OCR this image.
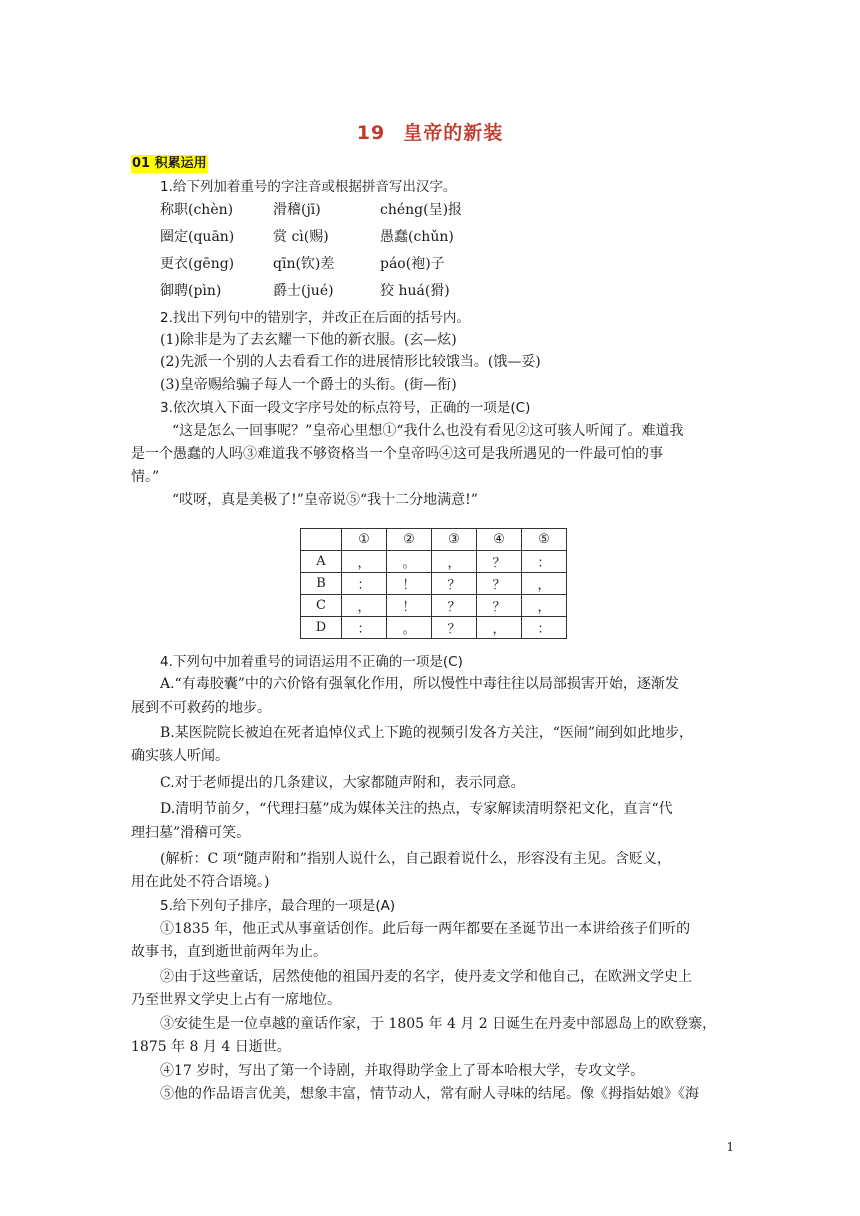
19 皇帝的新装
01 积累运用
1.给下列加着重号的字注音或根据拼音写出汉字。
称职(chèn)	滑稽(jī)	chéng(呈)报
圈定(quān)	赏 cì(赐)	愚蠢(chǔn)
更衣(gēng)	qīn(钦)差	páo(袍)子
御聘(pìn)	爵士(jué)	狡 huá(猾)
2.找出下列句中的错别字，并改正在后面的括号内。
(1)除非是为了去玄耀一下他的新衣服。(玄—炫)
(2)先派一个别的人去看看工作的进展情形比较饿当。(饿—妥)
(3)皇帝赐给骗子每人一个爵士的头衔。(街—衔)
3.依次填入下面一段文字序号处的标点符号，正确的一项是(C)
“这是怎么一回事呢？”皇帝心里想①“我什么也没有看见②这可骇人听闻了。难道我
是一个愚蠢的人吗③难道我不够资格当一个皇帝吗④这可是我所遇见的一件最可怕的事
情。”
“哎呀，真是美极了!”皇帝说⑤“我十二分地满意!”
	①	②	③	④	⑤
A	，	。	，	？	：
B	：	！	？	？	，
C	，	！	？	？	，
D	：	。	？	，	：
4.下列句中加着重号的词语运用不正确的一项是(C)
A.“有毒胶囊”中的六价铬有强氧化作用，所以慢性中毒往往以局部损害开始，逐渐发
展到不可救药的地步。
B.某医院院长被迫在死者追悼仪式上下跪的视频引发各方关注，“医闹”闹到如此地步，
确实骇人听闻。
C.对于老师提出的几条建议，大家都随声附和，表示同意。
D.清明节前夕，“代理扫墓”成为媒体关注的热点，专家解读清明祭祀文化，直言“代
理扫墓”滑稽可笑。
(解析：C 项“随声附和”指别人说什么，自己跟着说什么，形容没有主见。含贬义，
用在此处不符合语境。)
5.给下列句子排序，最合理的一项是(A)
①1835 年，他正式从事童话创作。此后每一两年都要在圣诞节出一本讲给孩子们听的
故事书，直到逝世前两年为止。
②由于这些童话，居然使他的祖国丹麦的名字，使丹麦文学和他自己，在欧洲文学史上
乃至世界文学史上占有一席地位。
③安徒生是一位卓越的童话作家，于 1805 年 4 月 2 日诞生在丹麦中部恩岛上的欧登寨，
1875 年 8 月 4 日逝世。
④17 岁时，写出了第一个诗剧，并取得助学金上了哥本哈根大学，专攻文学。
⑤他的作品语言优美，想象丰富，情节动人，常有耐人寻味的结尾。像《拇指姑娘》《海
1
